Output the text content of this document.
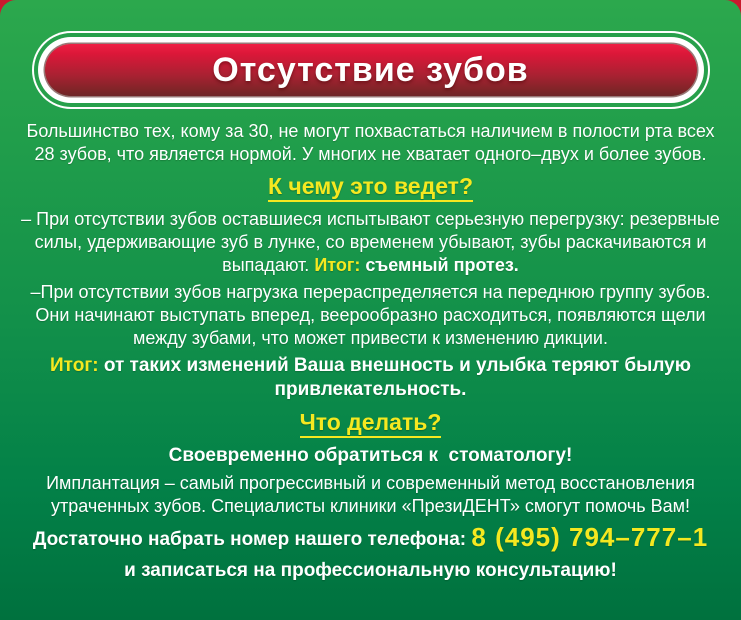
Отсутствие зубов

Большинство тех, кому за 30, не могут похвастаться наличием в полости рта всех 28 зубов, что является нормой. У многих не хватает одного–двух и более зубов.

К чему это ведет?

– При отсутствии зубов оставшиеся испытывают серьезную перегрузку: резервные силы, удерживающие зуб в лунке, со временем убывают, зубы раскачиваются и выпадают. Итог: съемный протез.

–При отсутствии зубов нагрузка перераспределяется на переднюю группу зубов. Они начинают выступать вперед, веерообразно расходиться, появляются щели между зубами, что может привести к изменению дикции.

Итог: от таких изменений Ваша внешность и улыбка теряют былую привлекательность.

Что делать?

Своевременно обратиться к  стоматологу!

Имплантация – самый прогрессивный и современный метод восстановления утраченных зубов. Специалисты клиники «ПрезиДЕНТ» смогут помочь Вам!

Достаточно набрать номер нашего телефона: 8 (495) 794–777–1

и записаться на профессиональную консультацию!
